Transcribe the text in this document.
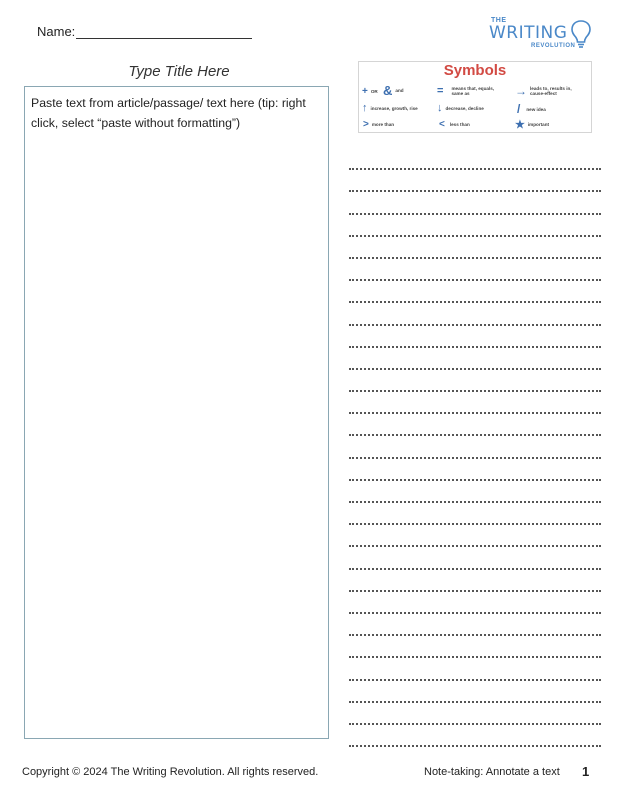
Name:
THE
WRITING
REVOLUTION
Type Title Here

Paste text from article/passage/ text here (tip: right click, select “paste without formatting”)

Symbols
+ OR & and	= means that, equals, same as	→ leads to, results in, cause-effect
↑ increase, growth, rise ↓ decrease, decline	/ new idea
> more than	< less than	★ important
Copyright © 2024 The Writing Revolution. All rights reserved.	Note-taking: Annotate a text 1
